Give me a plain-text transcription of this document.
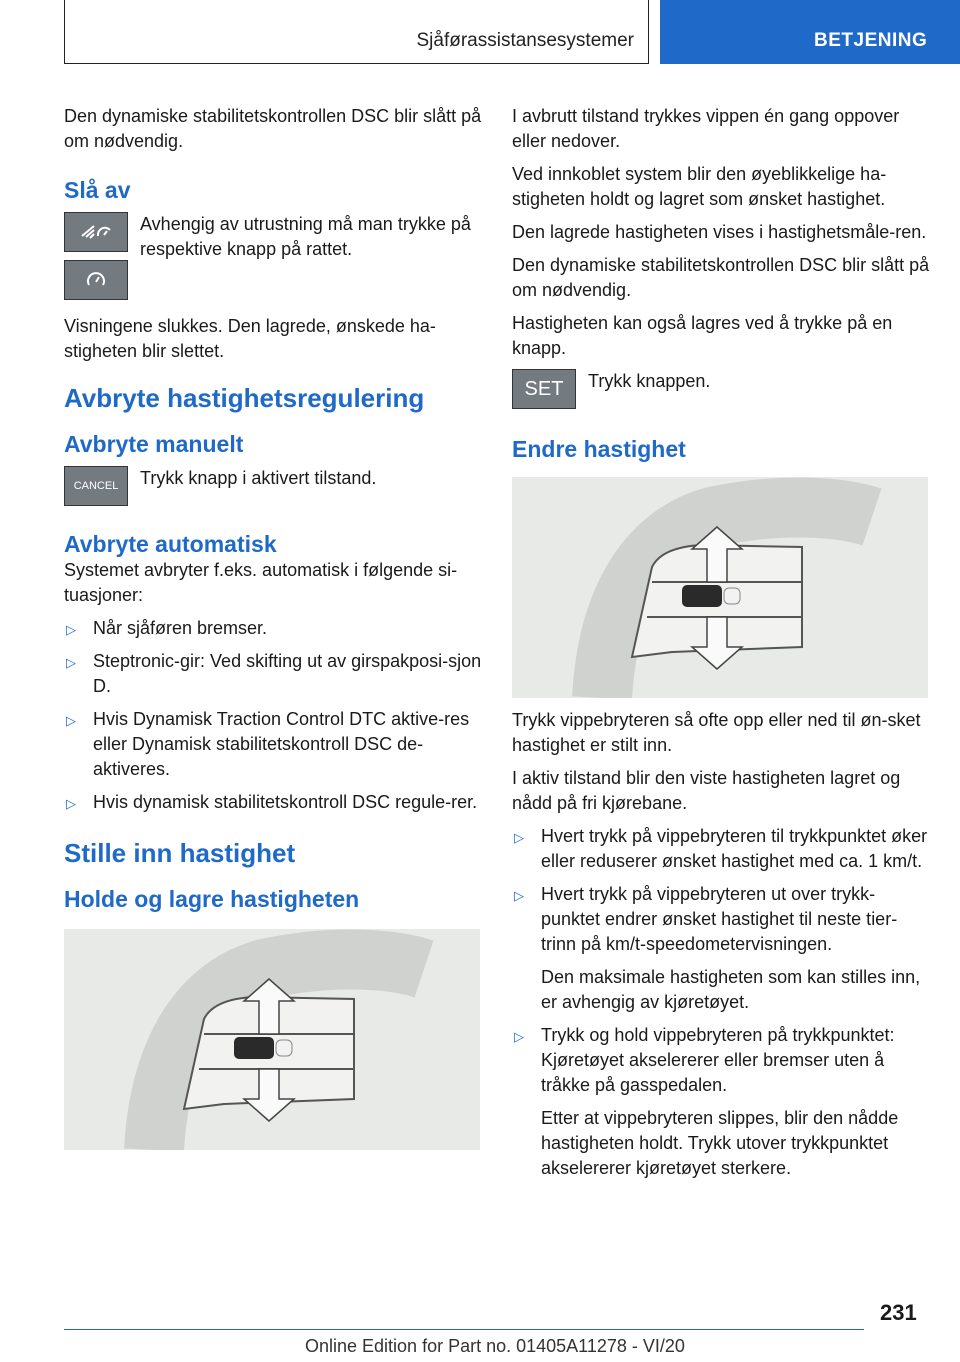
Sjåførassistansesystemer	BETJENING

Den dynamiske stabilitetskontrollen DSC blir slått på om nødvendig.

Slå av
Avhengig av utrustning må man trykke på respektive knapp på rattet.

Visningene slukkes. Den lagrede, ønskede ha-stigheten blir slettet.

Avbryte hastighetsregulering
Avbryte manuelt
CANCEL Trykk knapp i aktivert tilstand.
Avbryte automatisk

Systemet avbryter f.eks. automatisk i følgende si-tuasjoner:

▷ Når sjåføren bremser.
▷ Steptronic-gir: Ved skifting ut av girspakposi-sjon D.
▷ Hvis Dynamisk Traction Control DTC aktive-res eller Dynamisk stabilitetskontroll DSC de-aktiveres.
▷ Hvis dynamisk stabilitetskontroll DSC regule-rer.
Stille inn hastighet
Holde og lagre hastigheten

I avbrutt tilstand trykkes vippen én gang oppover eller nedover.

Ved innkoblet system blir den øyeblikkelige ha-stigheten holdt og lagret som ønsket hastighet.

Den lagrede hastigheten vises i hastighetsmåle-ren.

Den dynamiske stabilitetskontrollen DSC blir slått på om nødvendig.

Hastigheten kan også lagres ved å trykke på en knapp.

SET Trykk knappen.
Endre hastighet

Trykk vippebryteren så ofte opp eller ned til øn-sket hastighet er stilt inn.

I aktiv tilstand blir den viste hastigheten lagret og nådd på fri kjørebane.

▷ Hvert trykk på vippebryteren til trykkpunktet øker eller reduserer ønsket hastighet med ca. 1 km/t.
▷ Hvert trykk på vippebryteren ut over trykk-punktet endrer ønsket hastighet til neste tier-trinn på km/t-speedometervisningen.
Den maksimale hastigheten som kan stilles inn, er avhengig av kjøretøyet.
▷ Trykk og hold vippebryteren på trykkpunktet: Kjøretøyet akselererer eller bremser uten å tråkke på gasspedalen.
Etter at vippebryteren slippes, blir den nådde hastigheten holdt. Trykk utover trykkpunktet akselererer kjøretøyet sterkere.
231
Online Edition for Part no. 01405A11278 - VI/20
